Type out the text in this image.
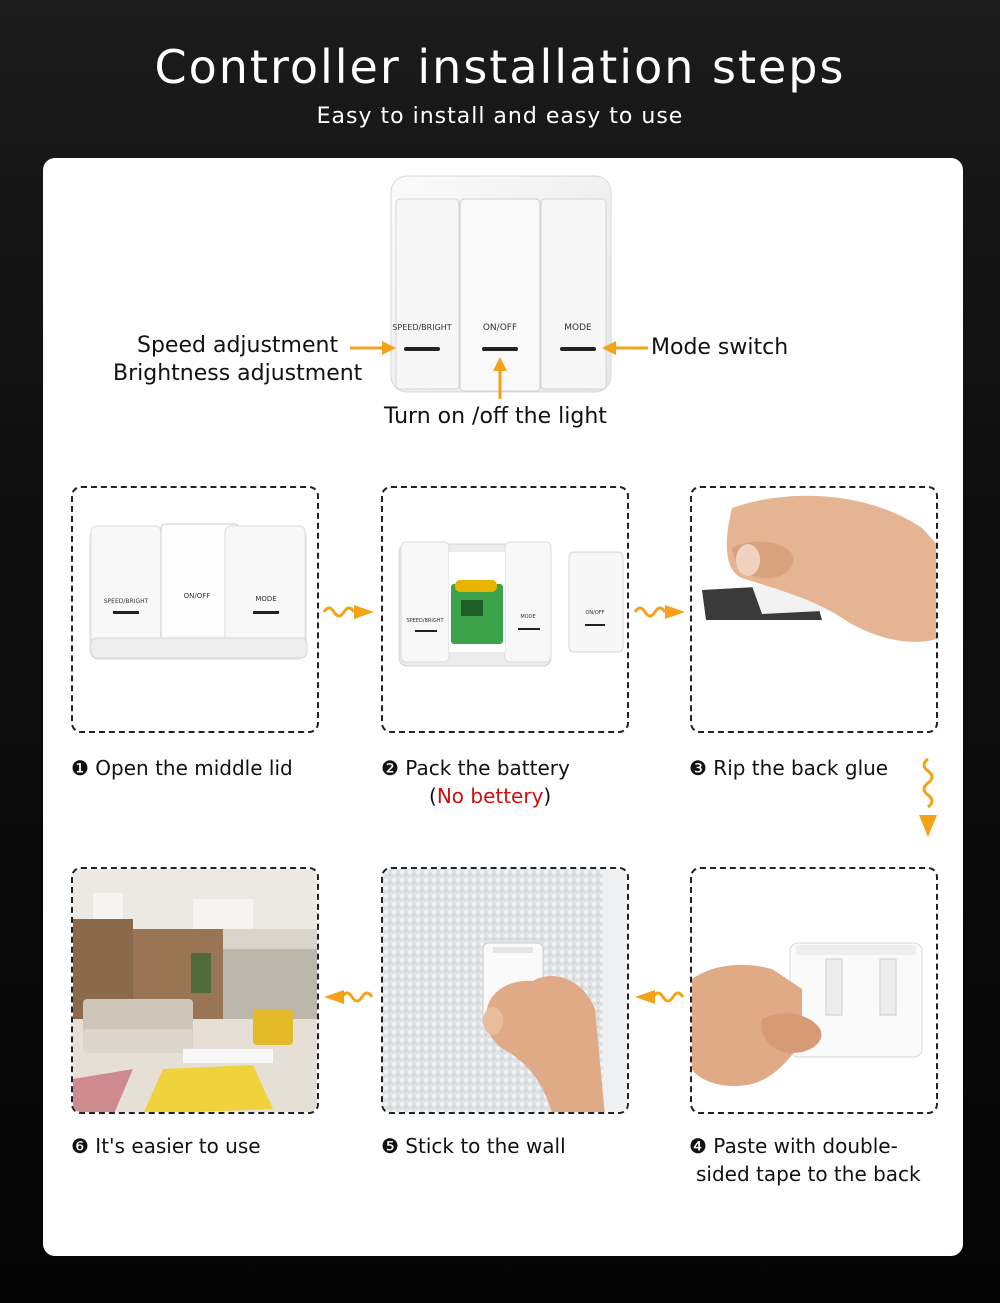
Controller installation steps
Easy to install and easy to use
SPEED/BRIGHT	ON/OFF	MODE
Speed adjustment
Brightness adjustment
Mode switch
Turn on /off the light
SPEED/BRIGHT
ON/OFF	MODE
SPEED/BRIGHT
MODE
ON/OFF
❶ Open the middle lid	❷ Pack the battery
(No bettery)
❸ Rip the back glue
❹ Paste with double-
sided tape to the back
❺ Stick to the wall
❻ It's easier to use
